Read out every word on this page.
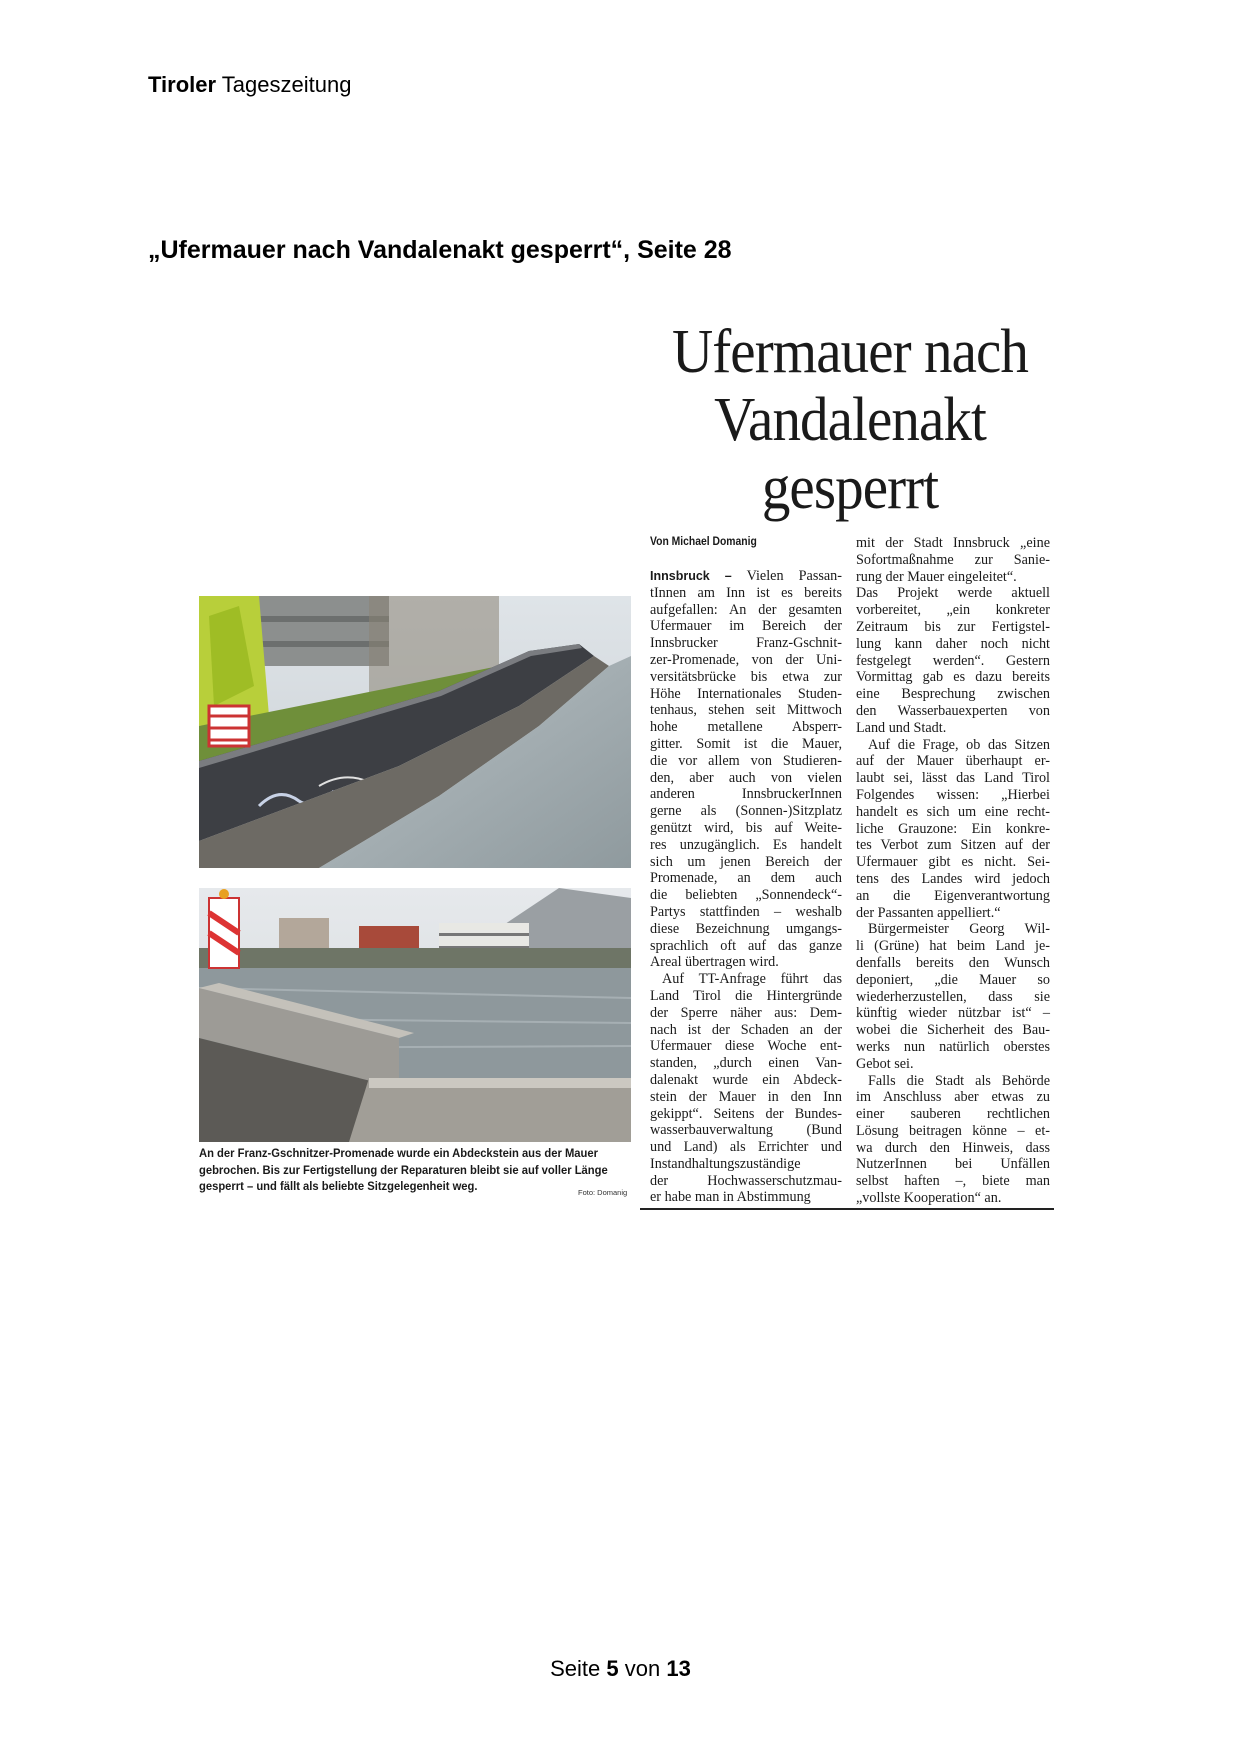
Tiroler Tageszeitung
„Ufermauer nach Vandalenakt gesperrt“, Seite 28
Ufermauer nach
Vandalenakt
gesperrt
An der Franz-Gschnitzer-Promenade wurde ein Abdeckstein aus der Mauer gebrochen. Bis zur Fertigstellung der Reparaturen bleibt sie auf voller Länge gesperrt – und fällt als beliebte Sitzgelegenheit weg.	Foto: Domanig
Von Michael Domanig

Innsbruck – Vielen Passan-

tInnen am Inn ist es bereits

aufgefallen: An der gesamten

Ufermauer im Bereich der

Innsbrucker Franz-Gschnit-

zer-Promenade, von der Uni-

versitätsbrücke bis etwa zur

Höhe Internationales Studen-

tenhaus, stehen seit Mittwoch

hohe metallene Absperr-

gitter. Somit ist die Mauer,

die vor allem von Studieren-

den, aber auch von vielen

anderen InnsbruckerInnen

gerne als (Sonnen-)Sitzplatz

genützt wird, bis auf Weite-

res unzugänglich. Es handelt

sich um jenen Bereich der

Promenade, an dem auch

die beliebten „Sonnendeck“-

Partys stattfinden – weshalb

diese Bezeichnung umgangs-

sprachlich oft auf das ganze

Areal übertragen wird.

Auf TT-Anfrage führt das

Land Tirol die Hintergründe

der Sperre näher aus: Dem-

nach ist der Schaden an der

Ufermauer diese Woche ent-

standen, „durch einen Van-

dalenakt wurde ein Abdeck-

stein der Mauer in den Inn

gekippt“. Seitens der Bundes-

wasserbauverwaltung (Bund

und Land) als Errichter und

Instandhaltungszuständige

der Hochwasserschutzmau-

er habe man in Abstimmung

mit der Stadt Innsbruck „eine

Sofortmaßnahme zur Sanie-

rung der Mauer eingeleitet“.

Das Projekt werde aktuell

vorbereitet, „ein konkreter

Zeitraum bis zur Fertigstel-

lung kann daher noch nicht

festgelegt werden“. Gestern

Vormittag gab es dazu bereits

eine Besprechung zwischen

den Wasserbauexperten von

Land und Stadt.

Auf die Frage, ob das Sitzen

auf der Mauer überhaupt er-

laubt sei, lässt das Land Tirol

Folgendes wissen: „Hierbei

handelt es sich um eine recht-

liche Grauzone: Ein konkre-

tes Verbot zum Sitzen auf der

Ufermauer gibt es nicht. Sei-

tens des Landes wird jedoch

an die Eigenverantwortung

der Passanten appelliert.“

Bürgermeister Georg Wil-

li (Grüne) hat beim Land je-

denfalls bereits den Wunsch

deponiert, „die Mauer so

wiederherzustellen, dass sie

künftig wieder nützbar ist“ –

wobei die Sicherheit des Bau-

werks nun natürlich oberstes

Gebot sei.

Falls die Stadt als Behörde

im Anschluss aber etwas zu

einer sauberen rechtlichen

Lösung beitragen könne – et-

wa durch den Hinweis, dass

NutzerInnen bei Unfällen

selbst haften –, biete man

„vollste Kooperation“ an.

Seite 5 von 13
